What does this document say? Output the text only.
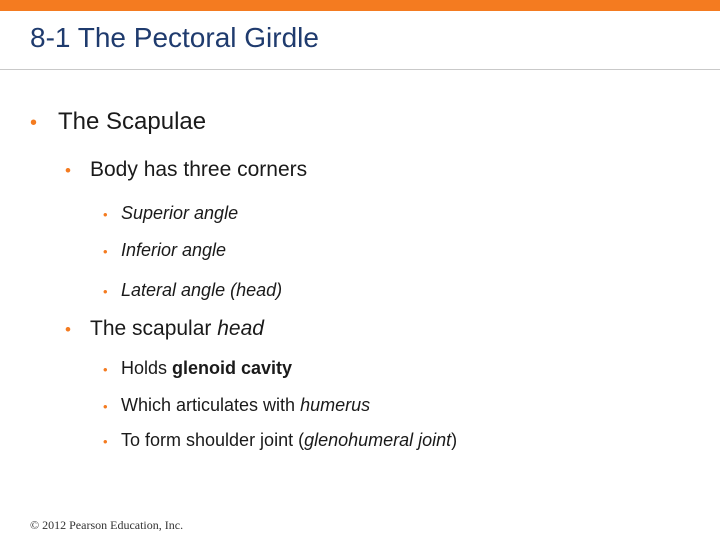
8-1 The Pectoral Girdle
• The Scapulae
• Body has three corners
• Superior angle
• Inferior angle
• Lateral angle (head)
• The scapular head
• Holds glenoid cavity
• Which articulates with humerus
• To form shoulder joint (glenohumeral joint)
© 2012 Pearson Education, Inc.
